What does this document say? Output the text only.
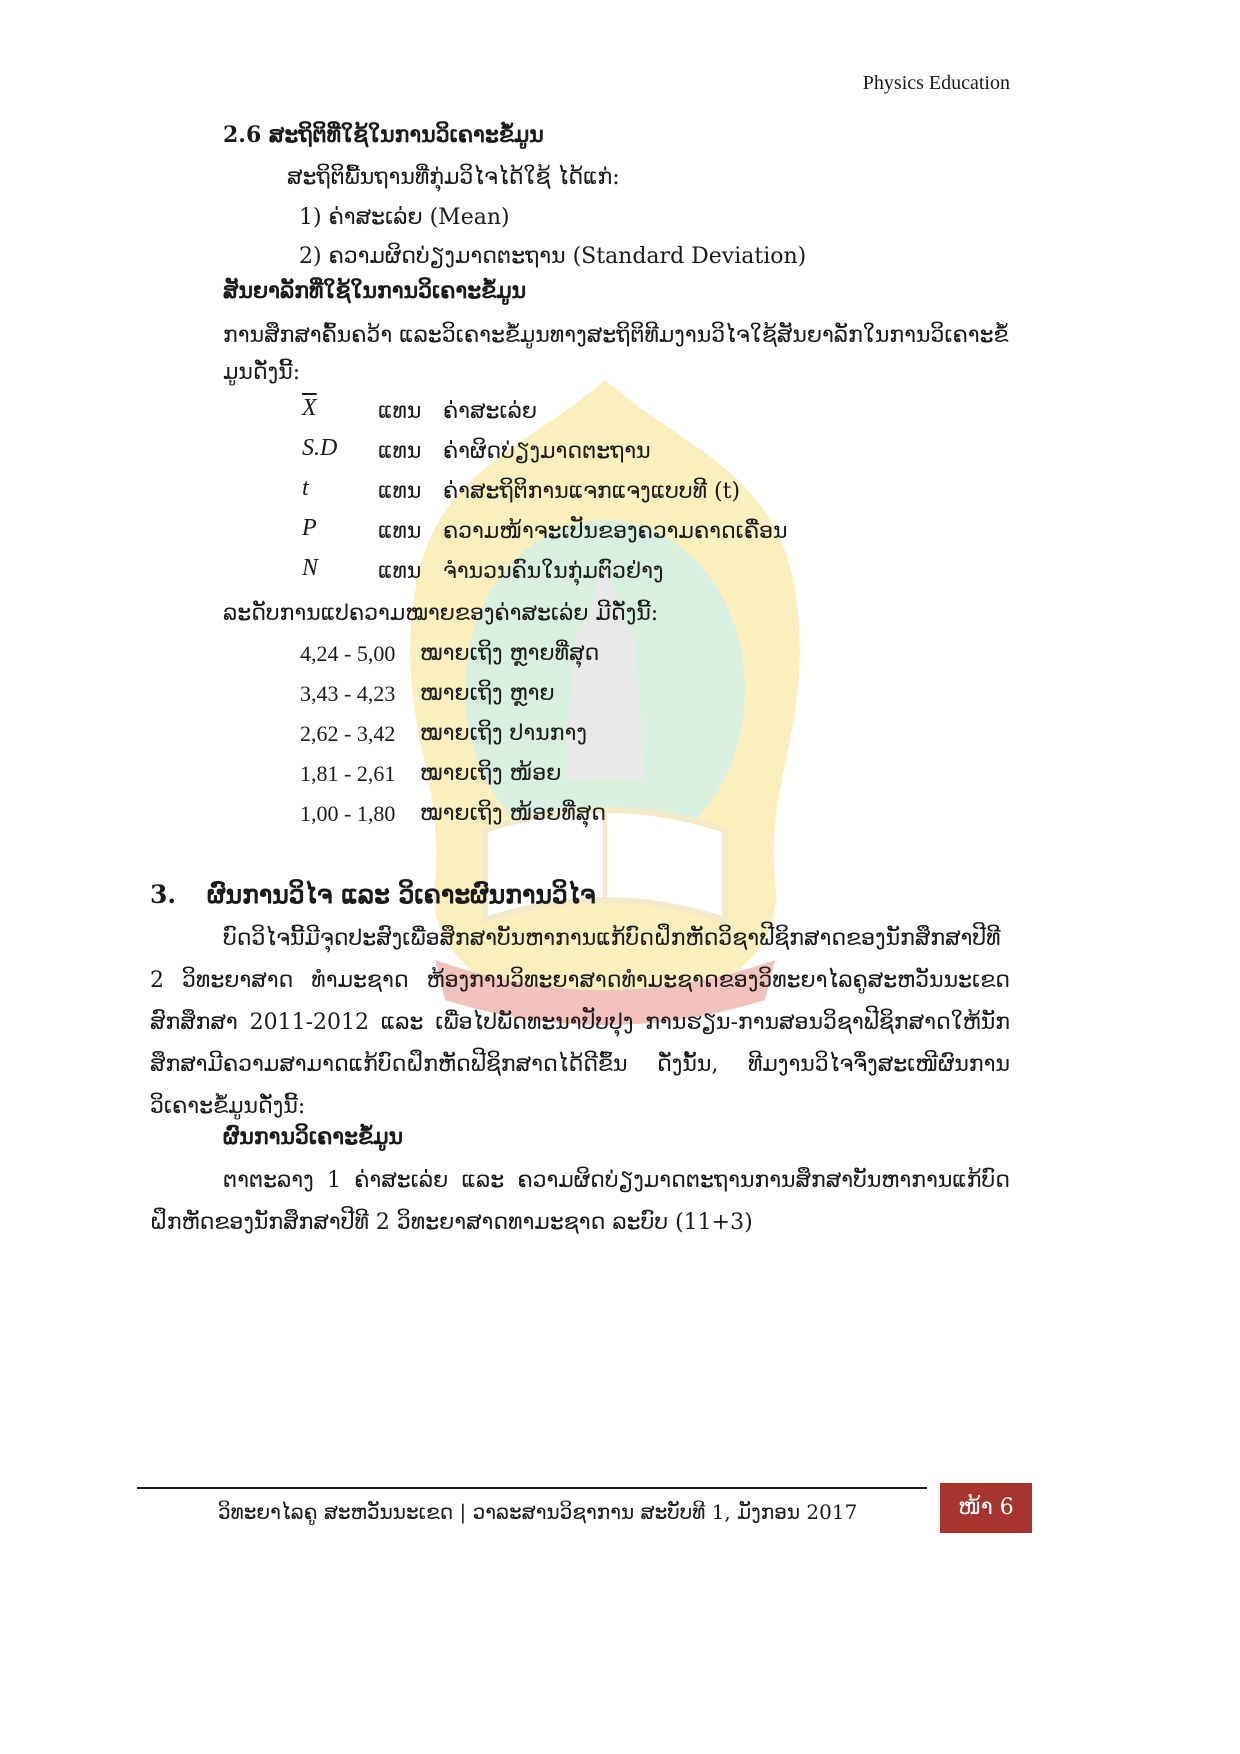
Physics Education
2.6 ສະຖິຕິທີ່ໃຊ້ໃນການວິເຄາະຂໍ້ມູນ
ສະຖິຕິພື້ນຖານທີ່ກຸ່ມວິໄຈໄດ້ໃຊ້ ໄດ້ແກ່:
1) ຄ່າສະເລ່ຍ (Mean)
2) ຄວາມຜິດບ່ຽງມາດຕະຖານ (Standard Deviation)
ສັນຍາລັກທີ່ໃຊ້ໃນການວິເຄາະຂໍ້ມູນ
ການສຶກສາຄົ້ນຄວ້າ ແລະວິເຄາະຂໍ້ມູນທາງສະຖິຕິທີມງານວິໄຈໃຊ້ສັນຍາລັກໃນການວິເຄາະຂໍ້
ມູນດັ່ງນີ້:
$\overline{X}$	ແທນ ຄ່າສະເລ່ຍ
S.D ແທນ ຄ່າຜິດບ່ຽງມາດຕະຖານ
t	ແທນ ຄ່າສະຖິຕິການແຈກແຈງແບບທີ (t)
P	ແທນ ຄວາມໜ້າຈະເປັນຂອງຄວາມຄາດເຄື່ອນ
N	ແທນ ຈຳນວນຄົນໃນກຸ່ມຕົວຢ່າງ
ລະດັບການແປຄວາມໝາຍຂອງຄ່າສະເລ່ຍ ມີດັ່ງນີ້:
4,24 - 5,00 ໝາຍເຖິງ ຫຼາຍທີ່ສຸດ
3,43 - 4,23 ໝາຍເຖິງ ຫຼາຍ
2,62 - 3,42 ໝາຍເຖິງ ປານກາງ
1,81 - 2,61 ໝາຍເຖິງ ໜ້ອຍ
1,00 - 1,80 ໝາຍເຖິງ ໜ້ອຍທີ່ສຸດ
3. ຜົນການວິໄຈ ແລະ ວິເຄາະຜົນການວິໄຈ
ບົດວິໄຈນີ້ມີຈຸດປະສົງເພື່ອສຶກສາບັນຫາການແກ້ບົດຝຶກຫັດວິຊາຟີຊິກສາດຂອງນັກສຶກສາປີທີ 2 ວິທະຍາສາດ ທຳມະຊາດ ຫ້ອງການວິທະຍາສາດທຳມະຊາດຂອງວິທະຍາໄລຄູສະຫວັນນະເຂດ ສົກສຶກສາ 2011-2012 ແລະ ເພື່ອໄປພັດທະນາປັບປຸງ ການຮຽນ-ການສອນວິຊາຟີຊິກສາດໃຫ້ນັກສຶກສາມີຄວາມສາມາດແກ້ບົດຝຶກຫັດຟີຊິກສາດໄດ້ດີຂຶ້ນ ດັ່ງນັ້ນ, ທີມງານວິໄຈຈຶ່ງສະເໜີຜົນການວິເຄາະຂໍ້ມູນດັ່ງນີ້:
ຜົນການວິເຄາະຂໍ້ມູນ
ຕາຕະລາງ 1 ຄ່າສະເລ່ຍ ແລະ ຄວາມຜິດບ່ຽງມາດຕະຖານການສຶກສາບັນຫາການແກ້ບົດຝຶກຫັດຂອງນັກສຶກສາປີທີ 2 ວິທະຍາສາດທາມະຊາດ ລະບົບ (11+3)
ວິທະຍາໄລຄູ ສະຫວັນນະເຂດ | ວາລະສານວິຊາການ ສະບັບທີ 1, ມັງກອນ 2017	ໜ້າ 6
